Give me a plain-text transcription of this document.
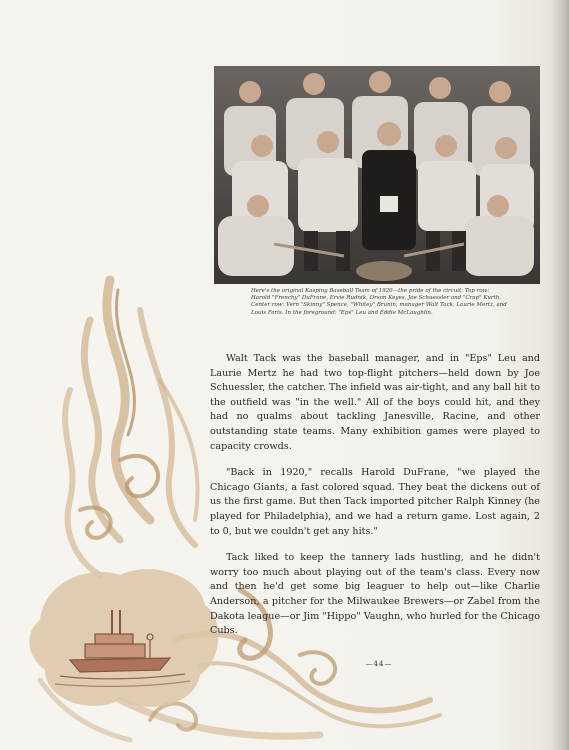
Here's the original Kasping Baseball Team of 1920—the pride of the circuit. Top row: Harold "Frenchy" DuFrane, Ervie Rudnik, Orson Keyes, Joe Schuessler and "Crap" Kurth. Center row: Vern "Skinny" Spence, "Whitey" Brunin, manager Walt Tack, Laurie Mertz, and Louis Faris. In the foreground: "Eps" Leu and Eddie McLaughlin.

Walt Tack was the baseball manager, and in "Eps" Leu and Laurie Mertz he had two top-flight pitchers—held down by Joe Schuessler, the catcher. The infield was air-tight, and any ball hit to the outfield was "in the well." All of the boys could hit, and they had no qualms about tackling Janesville, Racine, and other outstanding state teams. Many exhibition games were played to capacity crowds.

"Back in 1920," recalls Harold DuFrane, "we played the Chicago Giants, a fast colored squad. They beat the dickens out of us the first game. But then Tack imported pitcher Ralph Kinney (he played for Philadelphia), and we had a return game. Lost again, 2 to 0, but we couldn't get any hits."

Tack liked to keep the tannery lads hustling, and he didn't worry too much about playing out of the team's class. Every now and then he'd get some big leaguer to help out—like Charlie Anderson, a pitcher for the Milwaukee Brewers—or Zabel from the Dakota league—or Jim "Hippo" Vaughn, who hurled for the Chicago Cubs.

—44—
